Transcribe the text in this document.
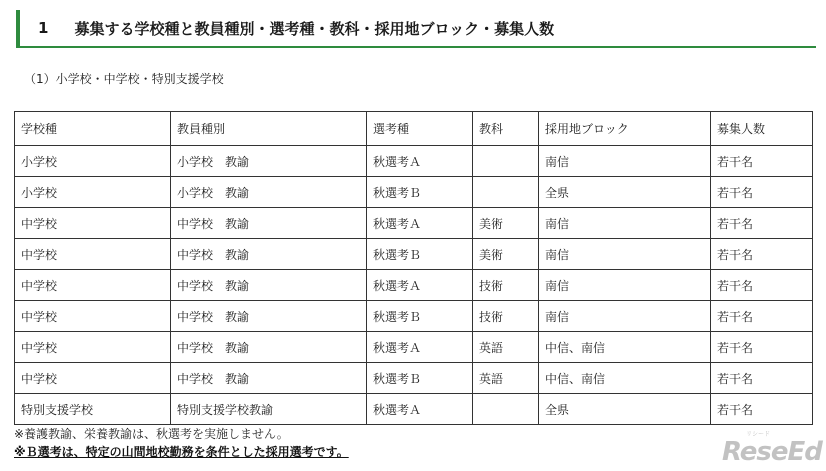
1 募集する学校種と教員種別・選考種・教科・採用地ブロック・募集人数
（1）小学校・中学校・特別支援学校
学校種	教員種別	選考種	教科	採用地ブロック	募集人数
小学校	小学校　教諭	秋選考Ａ		南信	若干名
小学校	小学校　教諭	秋選考Ｂ		全県	若干名
中学校	中学校　教諭	秋選考Ａ	美術	南信	若干名
中学校	中学校　教諭	秋選考Ｂ	美術	南信	若干名
中学校	中学校　教諭	秋選考Ａ	技術	南信	若干名
中学校	中学校　教諭	秋選考Ｂ	技術	南信	若干名
中学校	中学校　教諭	秋選考Ａ	英語	中信、南信	若干名
中学校	中学校　教諭	秋選考Ｂ	英語	中信、南信	若干名
特別支援学校	特別支援学校教諭	秋選考Ａ		全県	若干名
※養護教諭、栄養教諭は、秋選考を実施しません。
※Ｂ選考は、特定の山間地校勤務を条件とした採用選考です。
リシード
ReseEd
